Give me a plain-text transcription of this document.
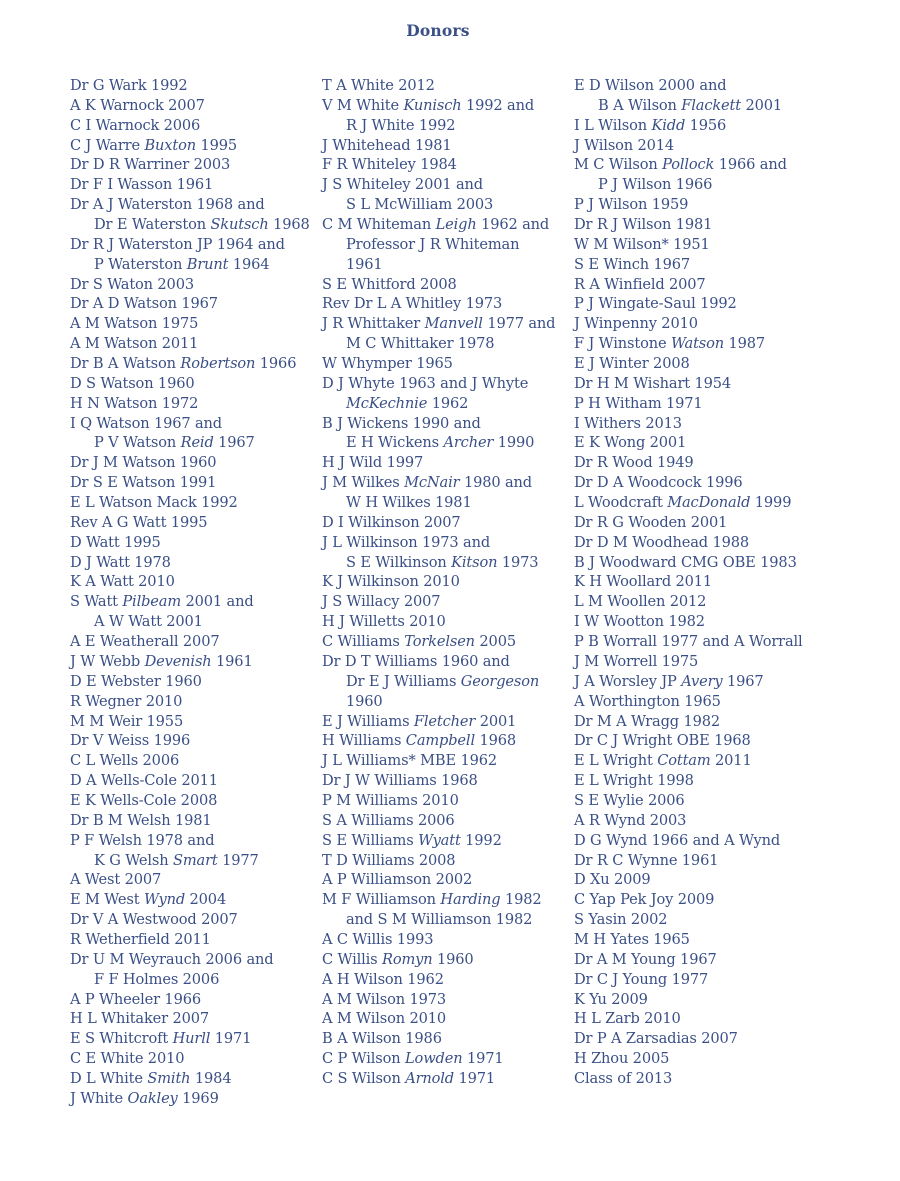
Donors
Dr G Wark 1992
A K Warnock 2007
C I Warnock 2006
C J Warre Buxton 1995
Dr D R Warriner 2003
Dr F I Wasson 1961
Dr A J Waterston 1968 and
Dr E Waterston Skutsch 1968
Dr R J Waterston JP 1964 and
P Waterston Brunt 1964
Dr S Waton 2003
Dr A D Watson 1967
A M Watson 1975
A M Watson 2011
Dr B A Watson Robertson 1966
D S Watson 1960
H N Watson 1972
I Q Watson 1967 and
P V Watson Reid 1967
Dr J M Watson 1960
Dr S E Watson 1991
E L Watson Mack 1992
Rev A G Watt 1995
D Watt 1995
D J Watt 1978
K A Watt 2010
S Watt Pilbeam 2001 and
A W Watt 2001
A E Weatherall 2007
J W Webb Devenish 1961
D E Webster 1960
R Wegner 2010
M M Weir 1955
Dr V Weiss 1996
C L Wells 2006
D A Wells-Cole 2011
E K Wells-Cole 2008
Dr B M Welsh 1981
P F Welsh 1978 and
K G Welsh Smart 1977
A West 2007
E M West Wynd 2004
Dr V A Westwood 2007
R Wetherfield 2011
Dr U M Weyrauch 2006 and
F F Holmes 2006
A P Wheeler 1966
H L Whitaker 2007
E S Whitcroft Hurll 1971
C E White 2010
D L White Smith 1984
J White Oakley 1969
T A White 2012
V M White Kunisch 1992 and
R J White 1992
J Whitehead 1981
F R Whiteley 1984
J S Whiteley 2001 and
S L McWilliam 2003
C M Whiteman Leigh 1962 and
Professor J R Whiteman
1961
S E Whitford 2008
Rev Dr L A Whitley 1973
J R Whittaker Manvell 1977 and
M C Whittaker 1978
W Whymper 1965
D J Whyte 1963 and J Whyte
McKechnie 1962
B J Wickens 1990 and
E H Wickens Archer 1990
H J Wild 1997
J M Wilkes McNair 1980 and
W H Wilkes 1981
D I Wilkinson 2007
J L Wilkinson 1973 and
S E Wilkinson Kitson 1973
K J Wilkinson 2010
J S Willacy 2007
H J Willetts 2010
C Williams Torkelsen 2005
Dr D T Williams 1960 and
Dr E J Williams Georgeson
1960
E J Williams Fletcher 2001
H Williams Campbell 1968
J L Williams* MBE 1962
Dr J W Williams 1968
P M Williams 2010
S A Williams 2006
S E Williams Wyatt 1992
T D Williams 2008
A P Williamson 2002
M F Williamson Harding 1982
and S M Williamson 1982
A C Willis 1993
C Willis Romyn 1960
A H Wilson 1962
A M Wilson 1973
A M Wilson 2010
B A Wilson 1986
C P Wilson Lowden 1971
C S Wilson Arnold 1971
E D Wilson 2000 and
B A Wilson Flackett 2001
I L Wilson Kidd 1956
J Wilson 2014
M C Wilson Pollock 1966 and
P J Wilson 1966
P J Wilson 1959
Dr R J Wilson 1981
W M Wilson* 1951
S E Winch 1967
R A Winfield 2007
P J Wingate-Saul 1992
J Winpenny 2010
F J Winstone Watson 1987
E J Winter 2008
Dr H M Wishart 1954
P H Witham 1971
I Withers 2013
E K Wong 2001
Dr R Wood 1949
Dr D A Woodcock 1996
L Woodcraft MacDonald 1999
Dr R G Wooden 2001
Dr D M Woodhead 1988
B J Woodward CMG OBE 1983
K H Woollard 2011
L M Woollen 2012
I W Wootton 1982
P B Worrall 1977 and A Worrall
J M Worrell 1975
J A Worsley JP Avery 1967
A Worthington 1965
Dr M A Wragg 1982
Dr C J Wright OBE 1968
E L Wright Cottam 2011
E L Wright 1998
S E Wylie 2006
A R Wynd 2003
D G Wynd 1966 and A Wynd
Dr R C Wynne 1961
D Xu 2009
C Yap Pek Joy 2009
S Yasin 2002
M H Yates 1965
Dr A M Young 1967
Dr C J Young 1977
K Yu 2009
H L Zarb 2010
Dr P A Zarsadias 2007
H Zhou 2005
Class of 2013
